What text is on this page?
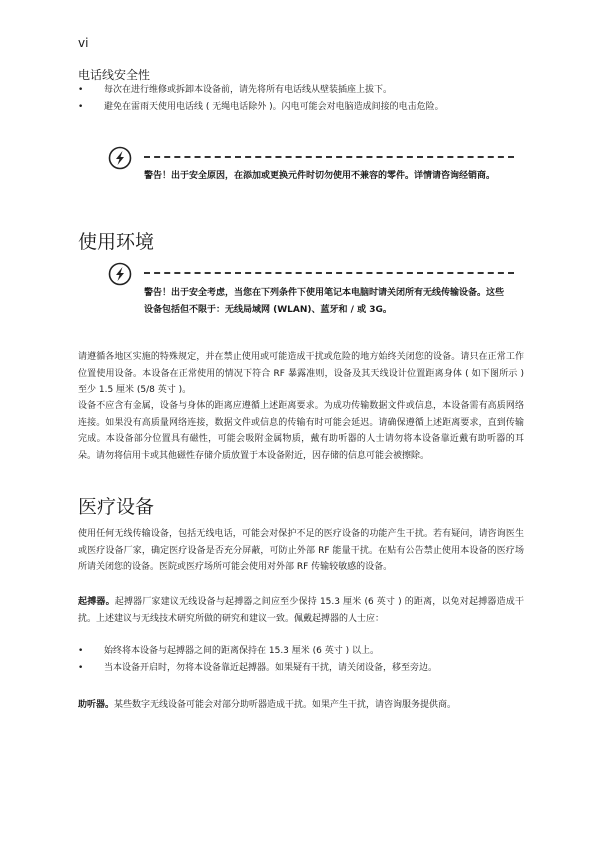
vi
电话线安全性
• 每次在进行维修或拆卸本设备前，请先将所有电话线从壁装插座上拔下。
• 避免在雷雨天使用电话线 ( 无绳电话除外 )。闪电可能会对电脑造成间接的电击危险。
警告！出于安全原因，在添加或更换元件时切勿使用不兼容的零件。详情请咨询经销商。
使用环境
警告！出于安全考虑，当您在下列条件下使用笔记本电脑时请关闭所有无线传输设备。这些设备包括但不限于：无线局域网 (WLAN)、蓝牙和 / 或 3G。
请遵循各地区实施的特殊规定，并在禁止使用或可能造成干扰或危险的地方始终关闭您的设备。请只在正常工作位置使用设备。本设备在正常使用的情况下符合 RF 暴露准则，设备及其天线设计位置距离身体 ( 如下图所示 ) 至少 1.5 厘米 (5/8 英寸 )。
设备不应含有金属，设备与身体的距离应遵循上述距离要求。为成功传输数据文件或信息，本设备需有高质网络连接。如果没有高质量网络连接，数据文件或信息的传输有时可能会延迟。请确保遵循上述距离要求，直到传输完成。本设备部分位置具有磁性，可能会吸附金属物质，戴有助听器的人士请勿将本设备靠近戴有助听器的耳朵。请勿将信用卡或其他磁性存储介质放置于本设备附近，因存储的信息可能会被擦除。
医疗设备
使用任何无线传输设备，包括无线电话，可能会对保护不足的医疗设备的功能产生干扰。若有疑问，请咨询医生或医疗设备厂家，确定医疗设备是否充分屏蔽，可防止外部 RF 能量干扰。在贴有公告禁止使用本设备的医疗场所请关闭您的设备。医院或医疗场所可能会使用对外部 RF 传输较敏感的设备。
起搏器。起搏器厂家建议无线设备与起搏器之间应至少保持 15.3 厘米 (6 英寸 ) 的距离，以免对起搏器造成干扰。上述建议与无线技术研究所做的研究和建议一致。佩戴起搏器的人士应：
• 始终将本设备与起搏器之间的距离保持在 15.3 厘米 (6 英寸 ) 以上。
• 当本设备开启时，勿将本设备靠近起搏器。如果疑有干扰，请关闭设备，移至旁边。
助听器。某些数字无线设备可能会对部分助听器造成干扰。如果产生干扰，请咨询服务提供商。
